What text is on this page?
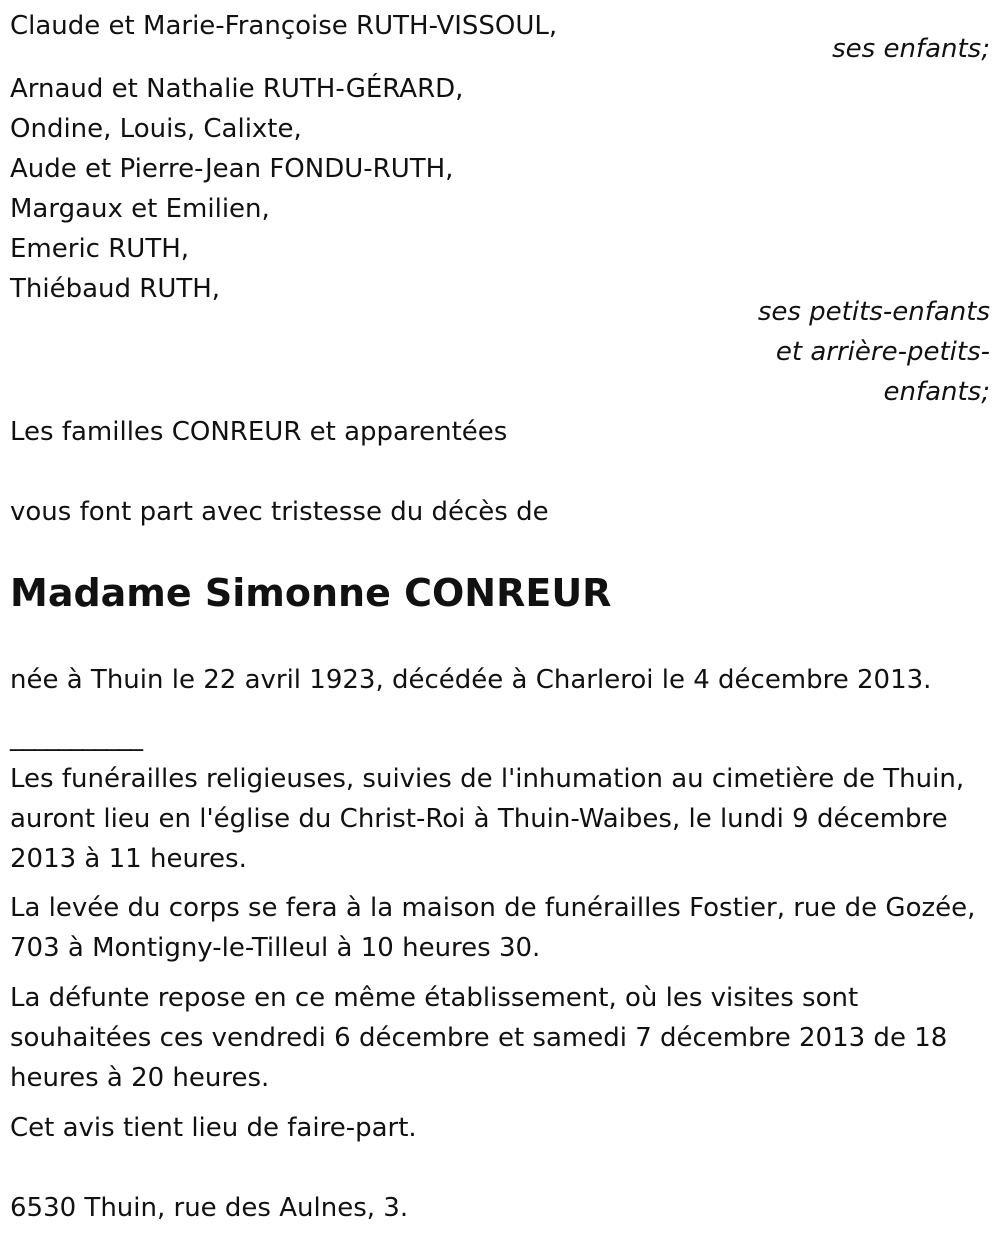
Claude et Marie-Françoise RUTH-VISSOUL,
ses enfants;
Arnaud et Nathalie RUTH-GÉRARD,
Ondine, Louis, Calixte,
Aude et Pierre-Jean FONDU-RUTH,
Margaux et Emilien,
Emeric RUTH,
Thiébaud RUTH,
ses petits-enfants
et arrière-petits-
enfants;
Les familles CONREUR et apparentées
vous font part avec tristesse du décès de
Madame Simonne CONREUR
née à Thuin le 22 avril 1923, décédée à Charleroi le 4 décembre 2013.
___________
Les funérailles religieuses, suivies de l'inhumation au cimetière de Thuin, auront lieu en l'église du Christ-Roi à Thuin-Waibes, le lundi 9 décembre 2013 à 11 heures.
La levée du corps se fera à la maison de funérailles Fostier, rue de Gozée, 703 à Montigny-le-Tilleul à 10 heures 30.
La défunte repose en ce même établissement, où les visites sont souhaitées ces vendredi 6 décembre et samedi 7 décembre 2013 de 18 heures à 20 heures.
Cet avis tient lieu de faire-part.
6530 Thuin, rue des Aulnes, 3.
